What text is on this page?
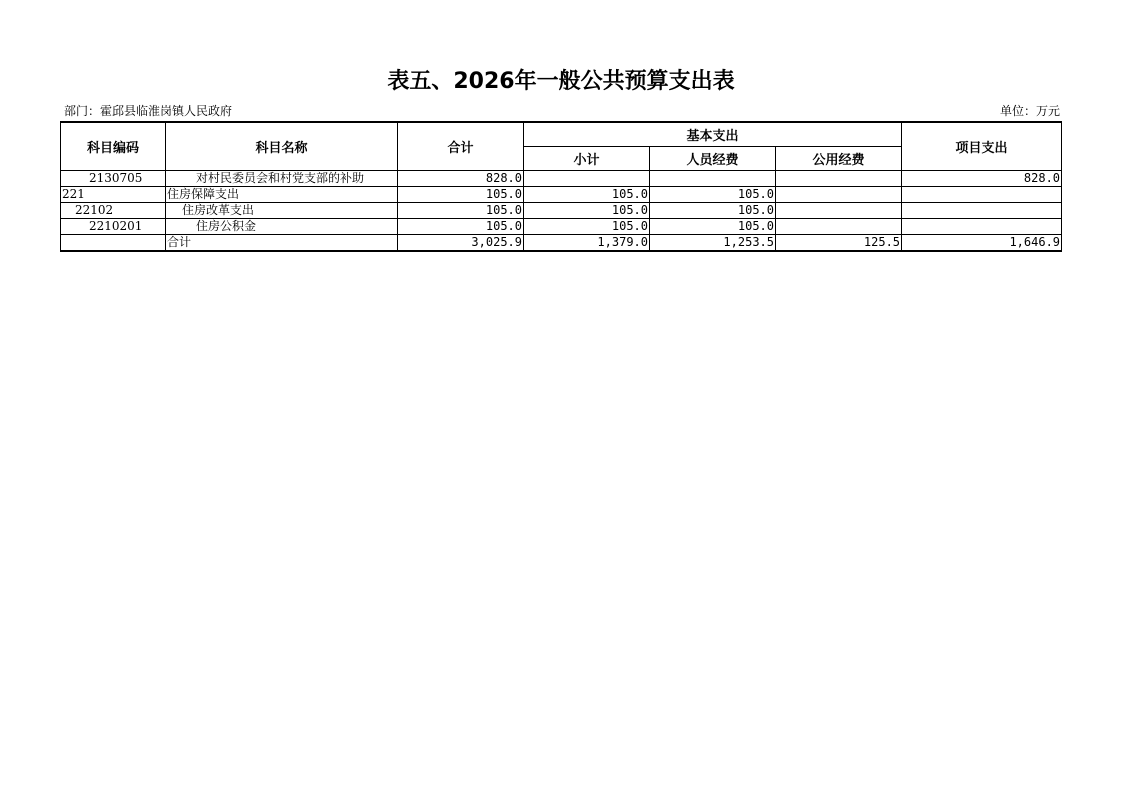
表五、2026年一般公共预算支出表
部门：霍邱县临淮岗镇人民政府	单位：万元
科目编码	科目名称	合计	基本支出			项目支出
			小计	人员经费	公用经费	
2130705	对村民委员会和村党支部的补助	828.0				828.0
221	住房保障支出	105.0	105.0	105.0		
22102	住房改革支出	105.0	105.0	105.0		
2210201	住房公积金	105.0	105.0	105.0		
	合计	3,025.9	1,379.0	1,253.5	125.5	1,646.9
